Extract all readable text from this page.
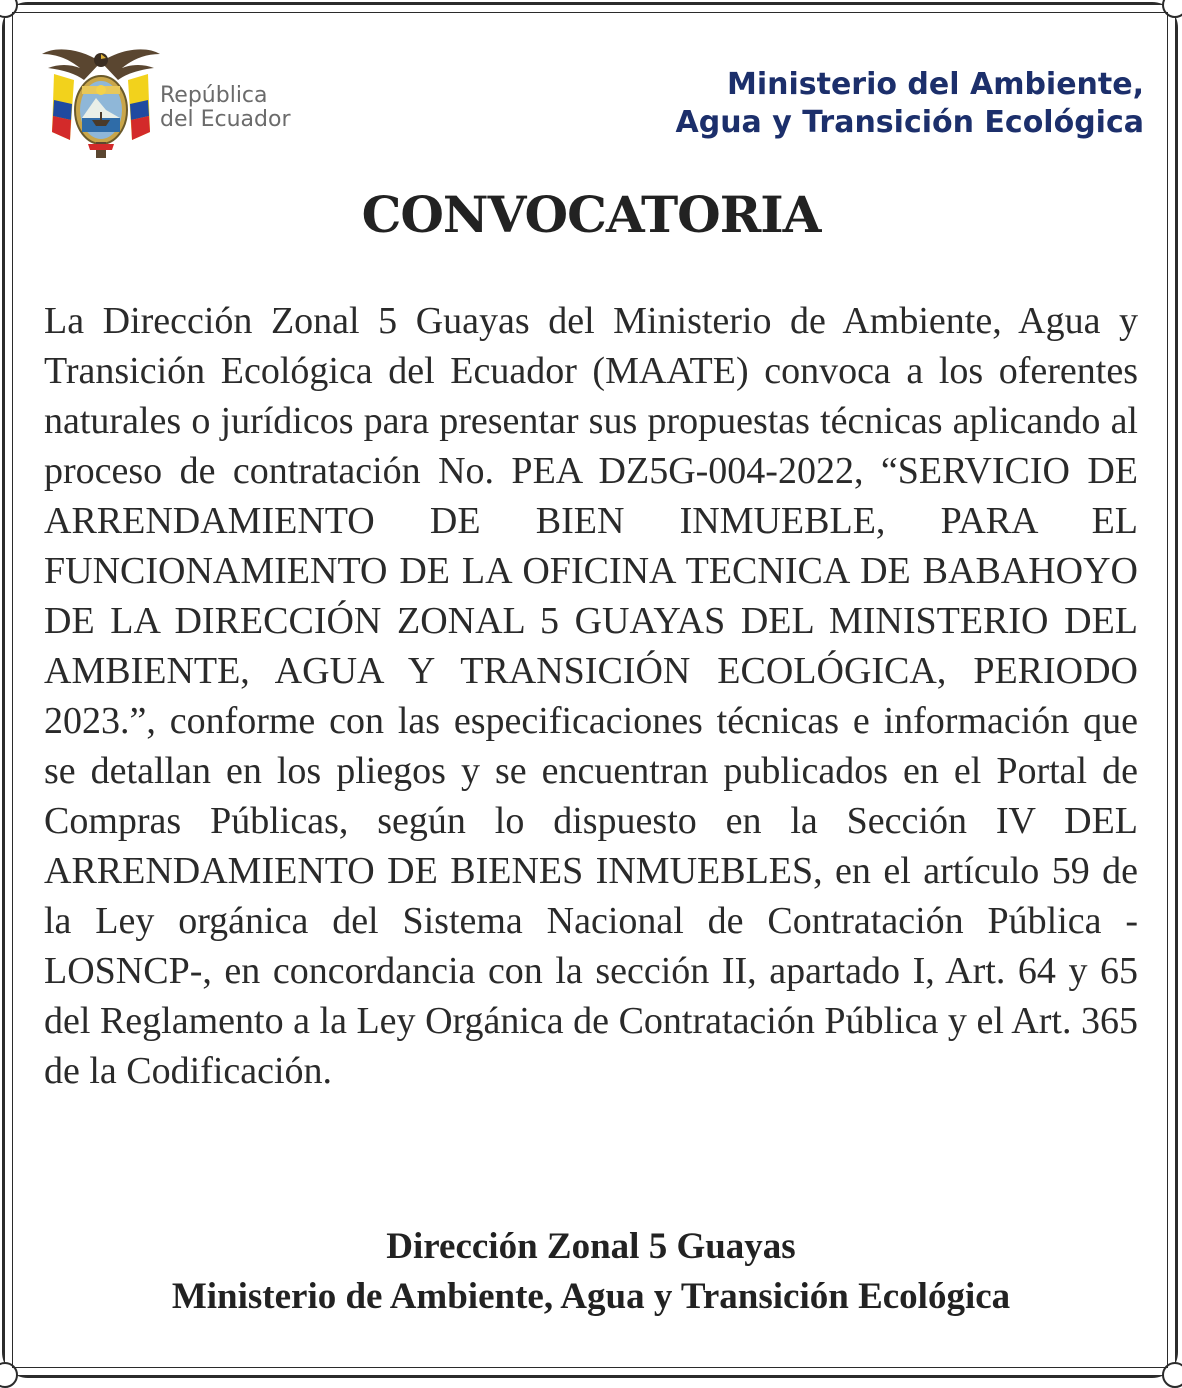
República
del Ecuador
Ministerio del Ambiente,
Agua y Transición Ecológica
CONVOCATORIA
La Dirección Zonal 5 Guayas del Ministerio de Ambiente, Agua y Transición Ecológica del Ecuador (MAATE) convoca a los oferentes naturales o jurídicos para presentar sus propuestas técnicas aplicando al proceso de contratación No. PEA DZ5G-004-2022, “SERVICIO DE ARRENDAMIENTO DE BIEN INMUEBLE, PARA EL FUNCIONAMIENTO DE LA OFICINA TECNICA DE BABAHOYO DE LA DIRECCIÓN ZONAL 5 GUAYAS DEL MINISTERIO DEL AMBIENTE, AGUA Y TRANSICIÓN ECOLÓGICA, PERIODO 2023.”, conforme con las especificaciones técnicas e información que se detallan en los pliegos y se encuentran publicados en el Portal de Compras Públicas, según lo dispuesto en la Sección IV DEL ARRENDAMIENTO DE BIENES INMUEBLES, en el artículo 59 de la Ley orgánica del Sistema Nacional de Contratación Pública -LOSNCP-, en concordancia con la sección II, apartado I, Art. 64 y 65 del Reglamento a la Ley Orgánica de Contratación Pública y el Art. 365 de la Codificación.
Dirección Zonal 5 Guayas
Ministerio de Ambiente, Agua y Transición Ecológica
